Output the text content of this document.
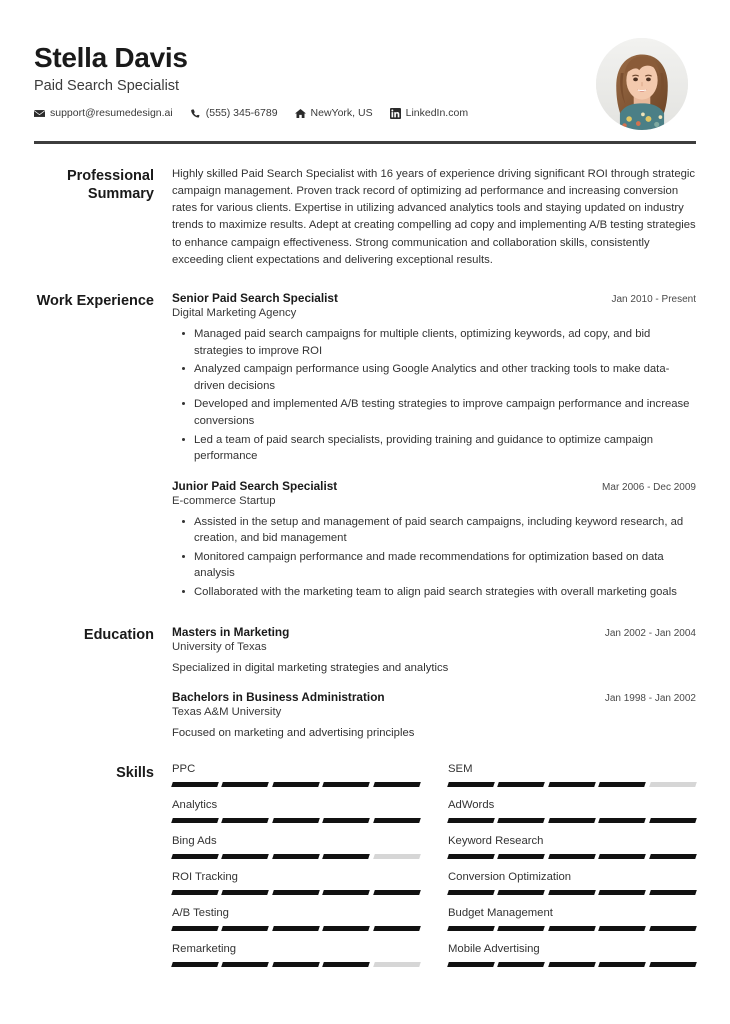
Stella Davis
Paid Search Specialist
support@resumedesign.ai	(555) 345-6789	NewYork, US	LinkedIn.com
Professional Summary
Highly skilled Paid Search Specialist with 16 years of experience driving significant ROI through strategic campaign management. Proven track record of optimizing ad performance and increasing conversion rates for various clients. Expertise in utilizing advanced analytics tools and staying updated on industry trends to maximize results. Adept at creating compelling ad copy and implementing A/B testing strategies to enhance campaign effectiveness. Strong communication and collaboration skills, consistently exceeding client expectations and delivering exceptional results.
Work Experience	Senior Paid Search Specialist	Jan 2010 - Present
Digital Marketing Agency
Managed paid search campaigns for multiple clients, optimizing keywords, ad copy, and bid strategies to improve ROI
Analyzed campaign performance using Google Analytics and other tracking tools to make data-driven decisions
Developed and implemented A/B testing strategies to improve campaign performance and increase conversions
Led a team of paid search specialists, providing training and guidance to optimize campaign performance
Junior Paid Search Specialist	Mar 2006 - Dec 2009
E-commerce Startup
Assisted in the setup and management of paid search campaigns, including keyword research, ad creation, and bid management
Monitored campaign performance and made recommendations for optimization based on data analysis
Collaborated with the marketing team to align paid search strategies with overall marketing goals
Education	Masters in Marketing	Jan 2002 - Jan 2004
University of Texas
Specialized in digital marketing strategies and analytics
Bachelors in Business Administration	Jan 1998 - Jan 2002
Texas A&M University
Focused on marketing and advertising principles
Skills	PPC	SEM
Analytics	AdWords
Bing Ads	Keyword Research
ROI Tracking	Conversion Optimization
A/B Testing	Budget Management
Remarketing	Mobile Advertising
